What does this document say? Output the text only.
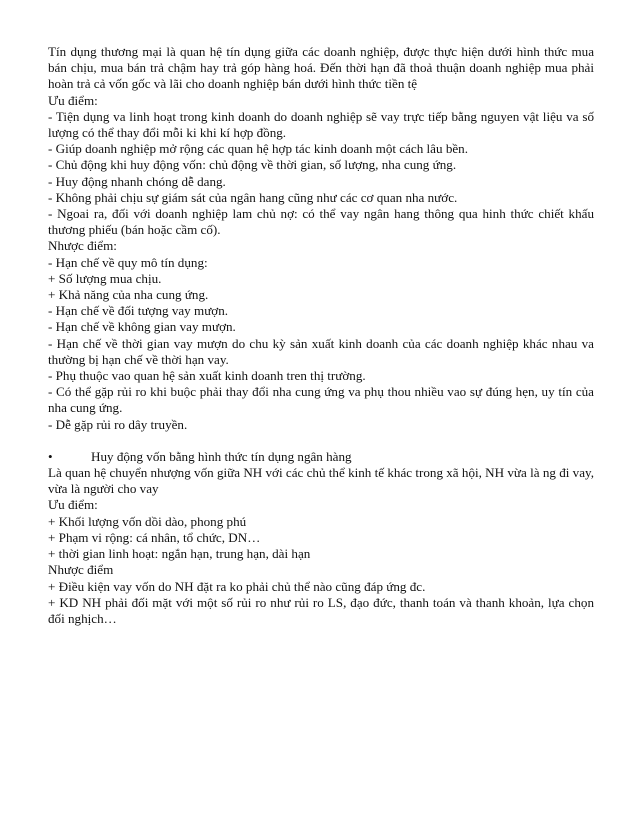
Tín dụng thương mại là quan hệ tín dụng giữa các doanh nghiệp, được thực hiện dưới hình thức mua bán chịu, mua bán trả chậm hay trả góp hàng hoá. Đến thời hạn đã thoả thuận doanh nghiệp mua phải hoàn trả cả vốn gốc và lãi cho doanh nghiệp bán dưới hình thức tiền tệ

Ưu điểm:

- Tiện dụng va linh hoạt trong kinh doanh do doanh nghiệp sẽ vay trực tiếp bằng nguyen vật liệu va số lượng có thể thay đổi mỗi ki khi kí hợp đồng.

- Giúp doanh nghiệp mở rộng các quan hệ hợp tác kinh doanh một cách lâu bền.

- Chủ động khi huy động vốn: chủ động về thời gian, số lượng, nha cung ứng.

- Huy động nhanh chóng dễ dang.

- Không phải chịu sự giám sát của ngân hang cũng như các cơ quan nha nước.

- Ngoai ra, đối với doanh nghiệp lam chủ nợ: có thể vay ngân hang thông qua hinh thức chiết khấu thương phiếu (bán hoặc cầm cố).

Nhược điểm:

- Hạn chế về quy mô tín dụng:

+ Số lượng mua chịu.

+ Khả năng của nha cung ứng.

- Hạn chế về đối tượng vay mượn.

- Hạn chế về không gian vay mượn.

- Hạn chế về thời gian vay mượn do chu kỳ sản xuất kinh doanh của các doanh nghiệp khác nhau va thường bị hạn chế về thời hạn vay.

- Phụ thuộc vao quan hệ sản xuất kinh doanh tren thị trường.

- Có thể gặp rủi ro khi buộc phải thay đổi nha cung ứng va phụ thou nhiều vao sự đúng hẹn, uy tín của nha cung ứng.

- Dễ gặp rủi ro dây truyền.

•	Huy động vốn bằng hình thức tín dụng ngân hàng

Là quan hệ chuyển nhượng vốn giữa NH với các chủ thể kinh tế khác trong xã hội, NH vừa là ng đi vay, vừa là người cho vay

Ưu điểm:

+ Khối lượng vốn dồi dào, phong phú

+ Phạm vi rộng: cá nhân, tổ chức, DN…

+ thời gian linh hoạt: ngắn hạn, trung hạn, dài hạn

Nhược điểm

+ Điều kiện vay vốn do NH đặt ra ko phải chủ thể nào cũng đáp ứng đc.

+ KD NH phải đối mặt với một số rủi ro như rủi ro LS, đạo đức, thanh toán và thanh khoản, lựa chọn đối nghịch…
